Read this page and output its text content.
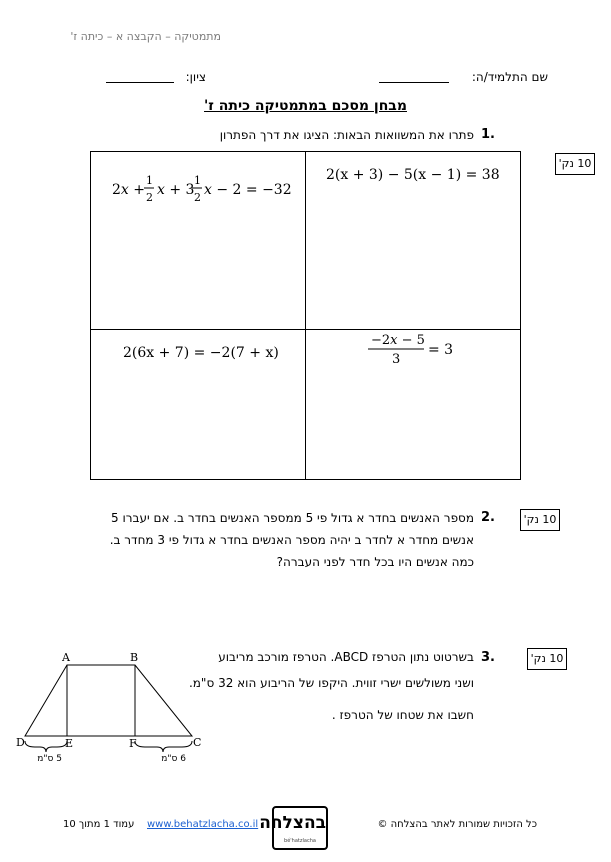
מתמטיקה – הקבצה א – כיתה ז'
שם התלמיד/ה:
ציון:
מבחן מסכם במתמטיקה כיתה ז'
1.
פתרו את המשוואות הבאות: הציגו את דרך הפתרון
10 נק'
2x +
1
2 x + 3
1
2 x − 2 = −32
2(x + 3) − 5(x − 1) = 38
2(6x + 7) = −2(7 + x)
−2x − 5
3
= 3
2.	10 נק'
מספר האנשים בחדר א גדול פי 5 ממספר האנשים בחדר ב. אם יעברו 5
אנשים מחדר א לחדר ב יהיה מספר האנשים בחדר א גדול פי 3 מחדר ב.
כמה אנשים היו בכל חדר לפני העברה?
3.	10 נק'
בשרטוט נתון הטרפז ABCD. הטרפז מורכב מריבוע
ושני משולשים ישרי זווית. היקפו של הריבוע הוא 32 ס"מ.
חשבו את שטחו של הטרפז .
A	B
C
D	E	F
5 ס"מ	6 ס"מ
עמוד 1 מתוך 10 www.behatzlacha.co.il בהצלחה
bé'hatzlacha
כל הזכויות שמורות לאתר בהצלחה ©
